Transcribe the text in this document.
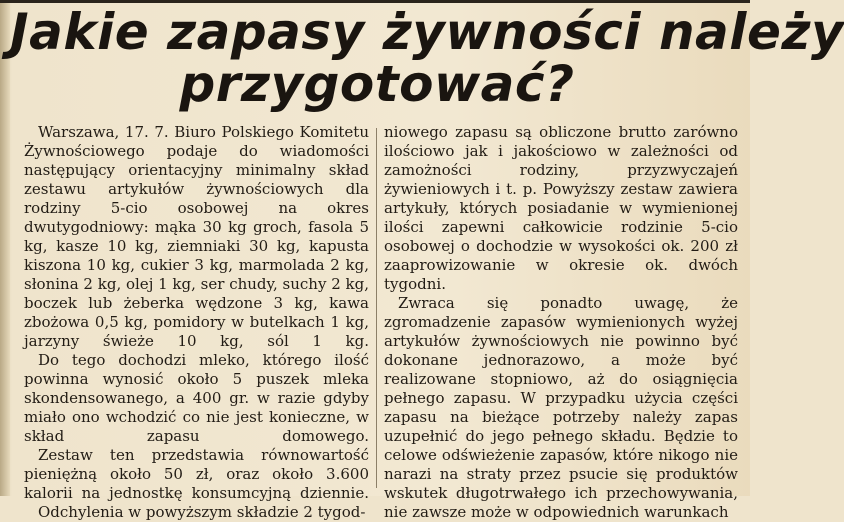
Jakie zapasy żywności należy
przygotować?

Warszawa, 17. 7. Biuro Polskiego Komitetu Żywnościowego podaje do wiadomości następujący orientacyjny minimalny skład zestawu artykułów żywnościowych dla rodziny 5-cio osobowej na okres dwutygodniowy: mąka 30 kg groch, fasola 5 kg, kasze 10 kg, ziemniaki 30 kg, kapusta kiszona 10 kg, cukier 3 kg, marmolada 2 kg, słonina 2 kg, olej 1 kg, ser chudy, suchy 2 kg, boczek lub żeberka wędzone 3 kg, kawa zbożowa 0,5 kg, pomidory w butelkach 1 kg, jarzyny świeże 10 kg, sól 1 kg.

Do tego dochodzi mleko, którego ilość powinna wynosić około 5 puszek mleka skondensowanego, a 400 gr. w razie gdyby miało ono wchodzić co nie jest konieczne, w skład zapasu domowego.

Zestaw ten przedstawia równowartość pieniężną około 50 zł, oraz około 3.600 kalorii na jednostkę konsumcyjną dziennie.

Odchylenia w powyższym składzie 2 tygod-

niowego zapasu są obliczone brutto zarówno ilościowo jak i jakościowo w zależności od zamożności rodziny, przyzwyczajeń żywieniowych i t. p. Powyższy zestaw zawiera artykuły, których posiadanie w wymienionej ilości zapewni całkowicie rodzinie 5-cio osobowej o dochodzie w wysokości ok. 200 zł zaaprowizowanie w okresie ok. dwóch tygodni.

Zwraca się ponadto uwagę, że zgromadzenie zapasów wymienionych wyżej artykułów żywnościowych nie powinno być dokonane jednorazowo, a może być realizowane stopniowo, aż do osiągnięcia pełnego zapasu. W przypadku użycia części zapasu na bieżące potrzeby należy zapas uzupełnić do jego pełnego składu. Będzie to celowe odświeżenie zapasów, które nikogo nie narazi na straty przez psucie się produktów wskutek długotrwałego ich przechowywania, nie zawsze może w odpowiednich warunkach
